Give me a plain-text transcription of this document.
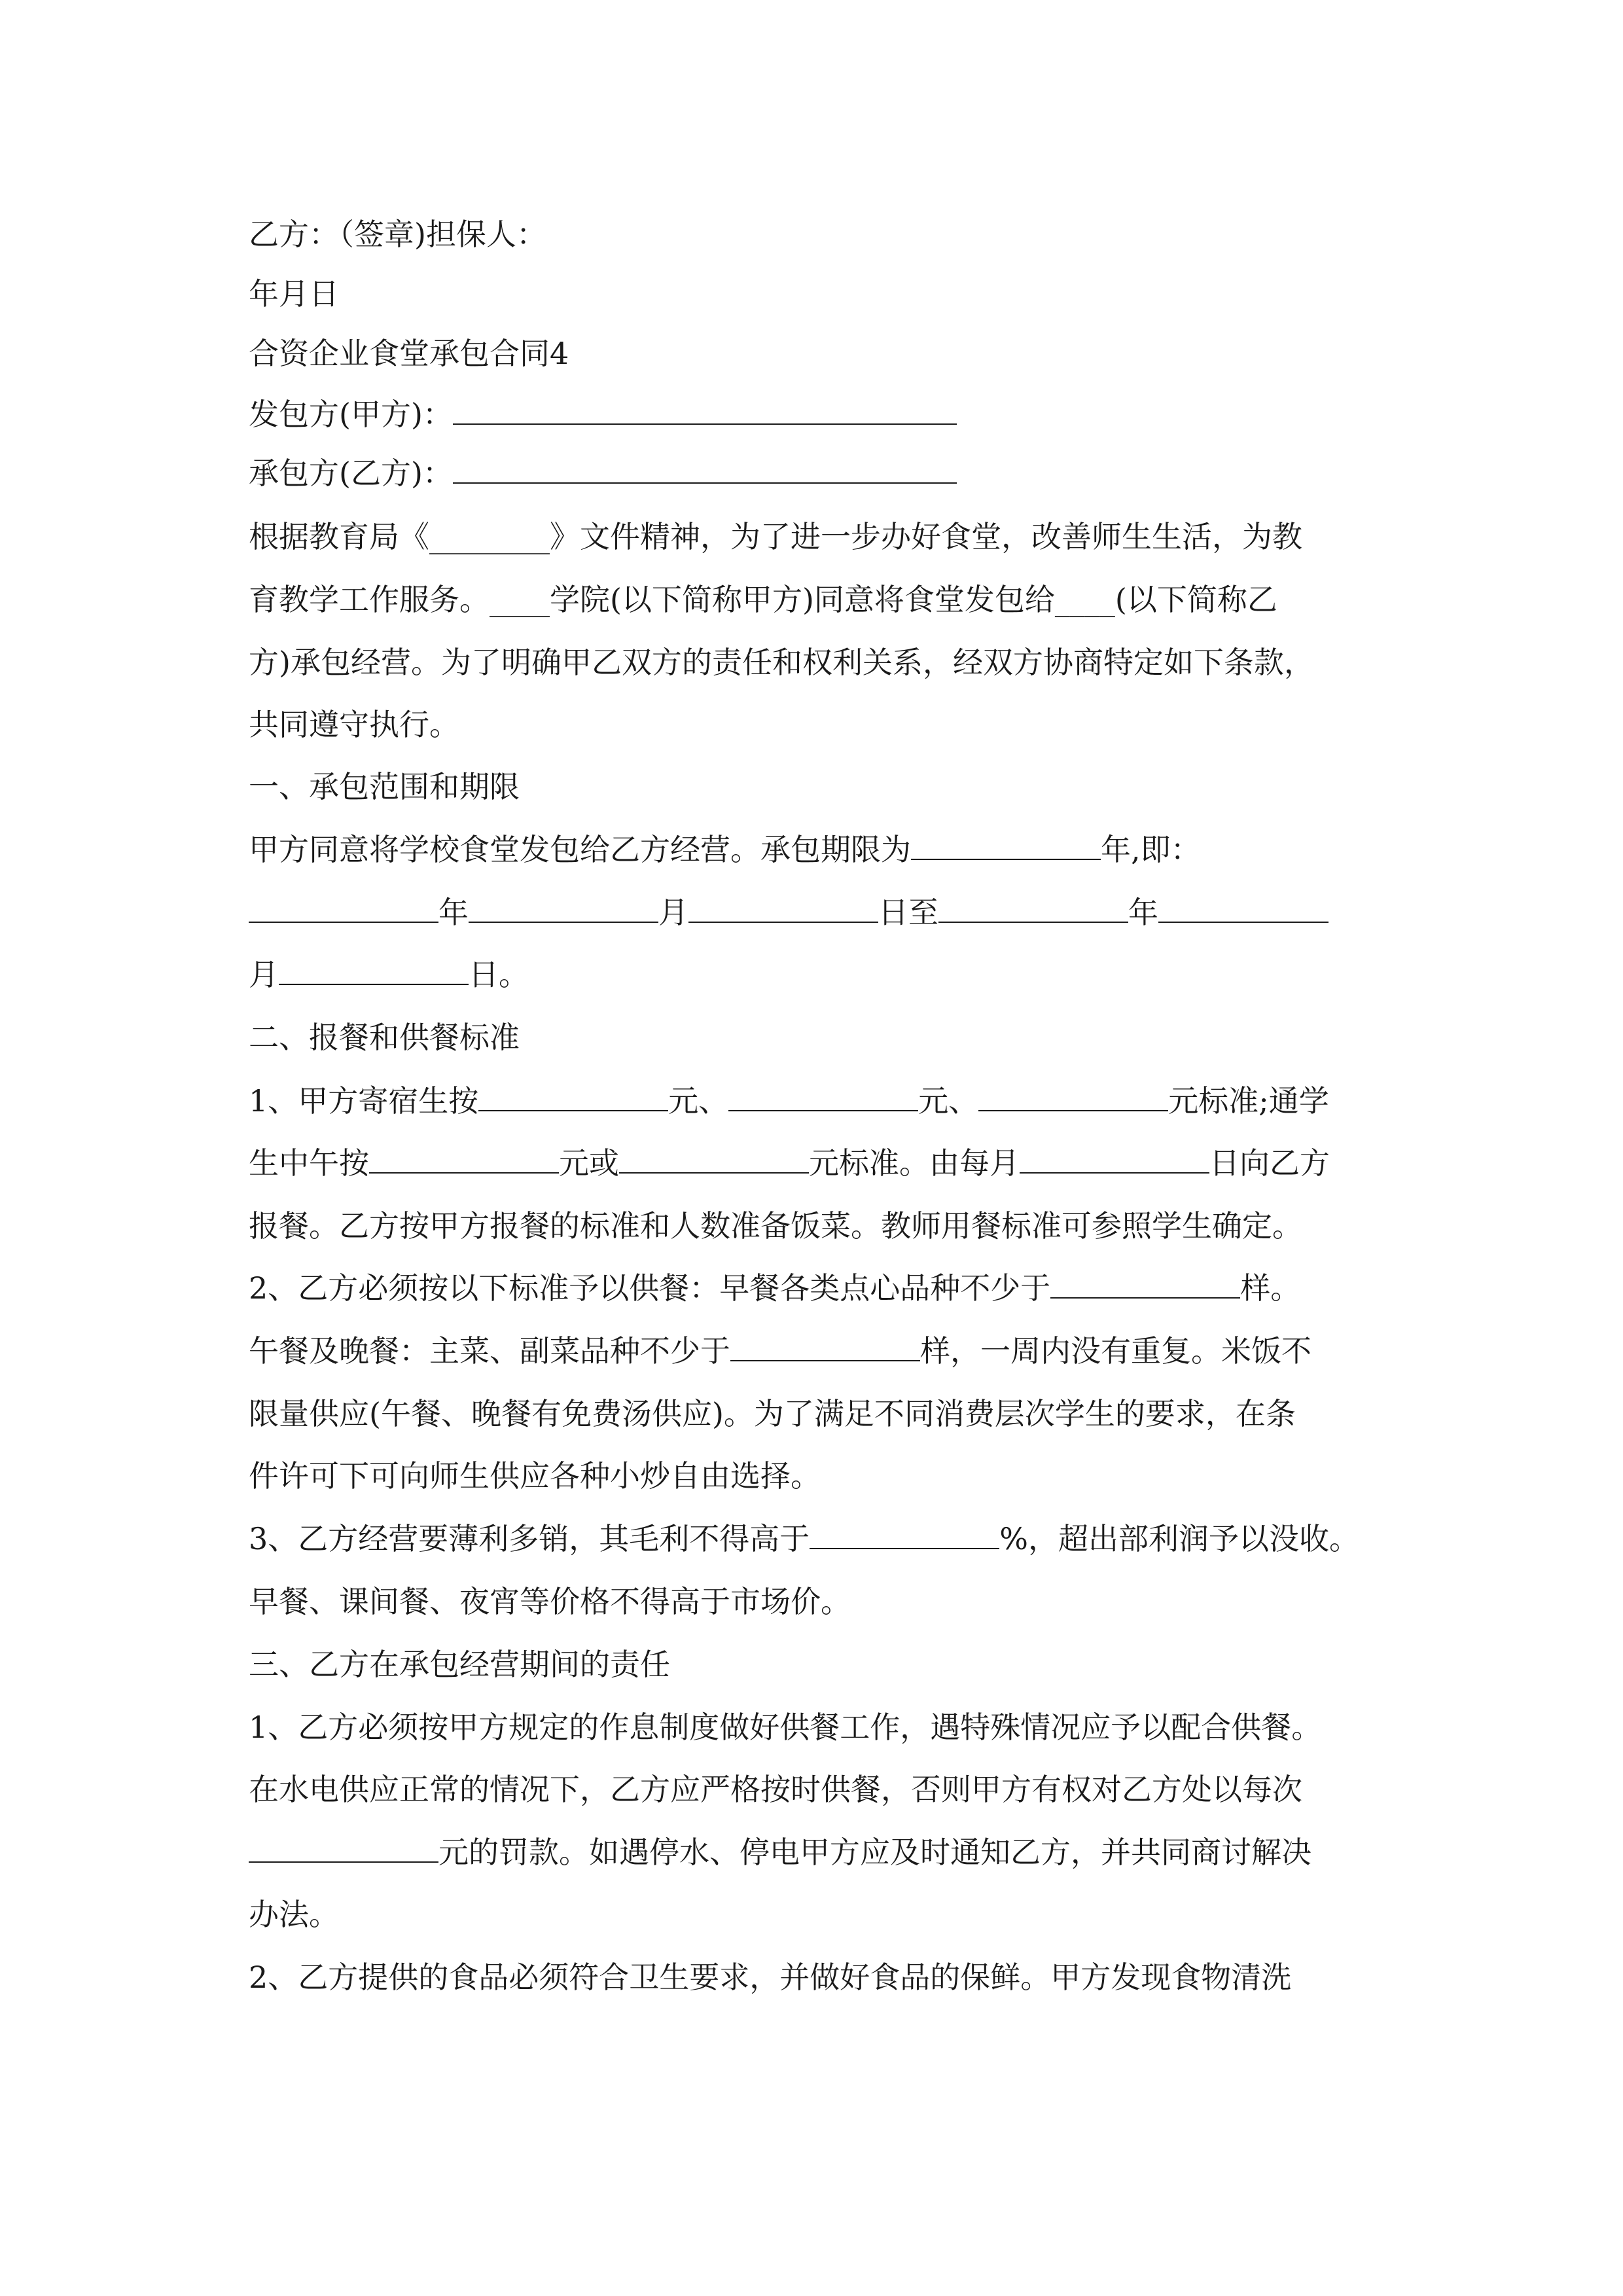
乙方：（签章)担保人：
年月日
合资企业食堂承包合同4
发包方(甲方)：
承包方(乙方)：
根据教育局《________》文件精神，为了进一步办好食堂，改善师生生活，为教
育教学工作服务。____学院(以下简称甲方)同意将食堂发包给____(以下简称乙
方)承包经营。为了明确甲乙双方的责任和权利关系，经双方协商特定如下条款，
共同遵守执行。
一、承包范围和期限
甲方同意将学校食堂发包给乙方经营。承包期限为	年,即：
年	月	日至	年
月	日。
二、报餐和供餐标准
1、甲方寄宿生按	元、	元、	元标准;通学
生中午按	元或	元标准。由每月	日向乙方
报餐。乙方按甲方报餐的标准和人数准备饭菜。教师用餐标准可参照学生确定。
2、乙方必须按以下标准予以供餐：早餐各类点心品种不少于	样。
午餐及晚餐：主菜、副菜品种不少于	样，一周内没有重复。米饭不
限量供应(午餐、晚餐有免费汤供应)。为了满足不同消费层次学生的要求，在条
件许可下可向师生供应各种小炒自由选择。
3、乙方经营要薄利多销，其毛利不得高于	%，超出部利润予以没收。
早餐、课间餐、夜宵等价格不得高于市场价。
三、乙方在承包经营期间的责任
1、乙方必须按甲方规定的作息制度做好供餐工作，遇特殊情况应予以配合供餐。
在水电供应正常的情况下，乙方应严格按时供餐，否则甲方有权对乙方处以每次
元的罚款。如遇停水、停电甲方应及时通知乙方，并共同商讨解决
办法。
2、乙方提供的食品必须符合卫生要求，并做好食品的保鲜。甲方发现食物清洗
